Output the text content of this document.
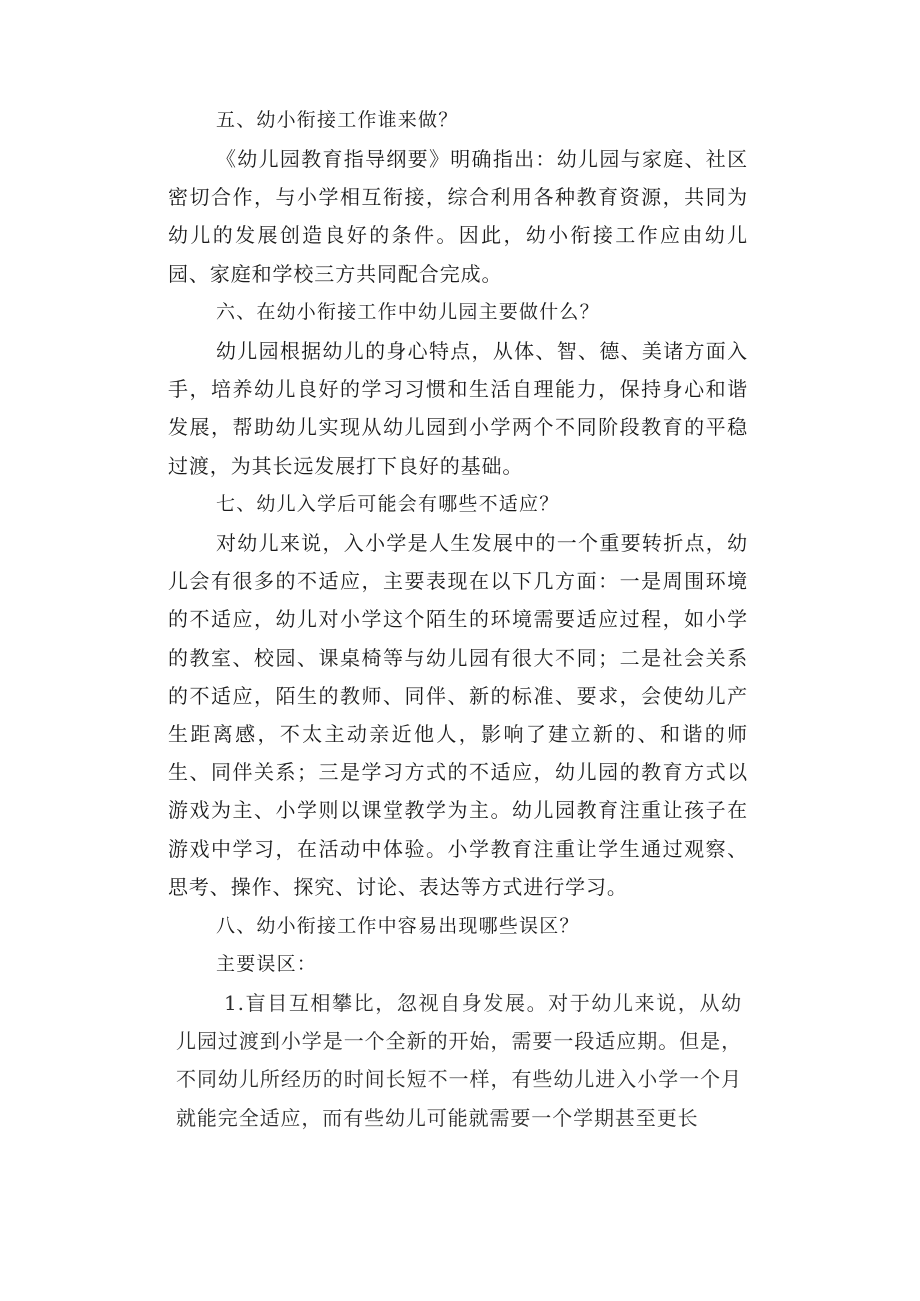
五、幼小衔接工作谁来做？
《幼儿园教育指导纲要》明确指出：幼儿园与家庭、社区密切合作，与小学相互衔接，综合利用各种教育资源，共同为幼儿的发展创造良好的条件。因此，幼小衔接工作应由幼儿园、家庭和学校三方共同配合完成。
六、在幼小衔接工作中幼儿园主要做什么？
幼儿园根据幼儿的身心特点，从体、智、德、美诸方面入手，培养幼儿良好的学习习惯和生活自理能力，保持身心和谐发展，帮助幼儿实现从幼儿园到小学两个不同阶段教育的平稳过渡，为其长远发展打下良好的基础。
七、幼儿入学后可能会有哪些不适应？
对幼儿来说，入小学是人生发展中的一个重要转折点，幼儿会有很多的不适应，主要表现在以下几方面：一是周围环境的不适应，幼儿对小学这个陌生的环境需要适应过程，如小学的教室、校园、课桌椅等与幼儿园有很大不同；二是社会关系的不适应，陌生的教师、同伴、新的标准、要求，会使幼儿产生距离感，不太主动亲近他人，影响了建立新的、和谐的师生、同伴关系；三是学习方式的不适应，幼儿园的教育方式以游戏为主、小学则以课堂教学为主。幼儿园教育注重让孩子在游戏中学习，在活动中体验。小学教育注重让学生通过观察、思考、操作、探究、讨论、表达等方式进行学习。
八、幼小衔接工作中容易出现哪些误区？
主要误区：
1.盲目互相攀比，忽视自身发展。对于幼儿来说，从幼儿园过渡到小学是一个全新的开始，需要一段适应期。但是，不同幼儿所经历的时间长短不一样，有些幼儿进入小学一个月就能完全适应，而有些幼儿可能就需要一个学期甚至更长
